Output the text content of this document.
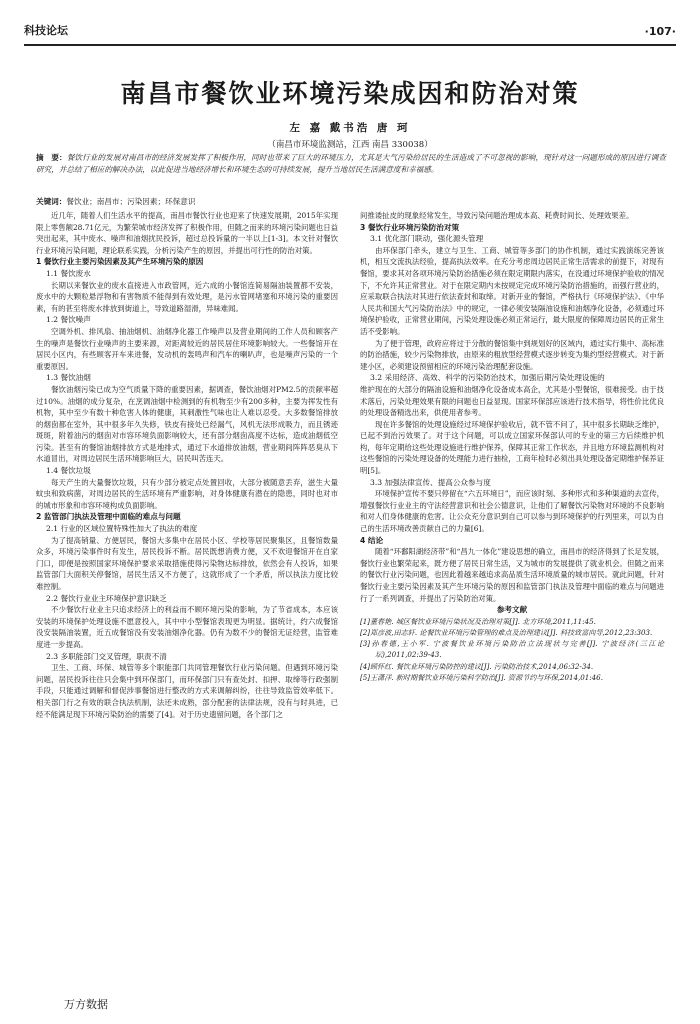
科技论坛	·107·
南昌市餐饮业环境污染成因和防治对策
左 嘉 戴书浩 唐 珂
（南昌市环境监测站，江西 南昌 330038）
摘　要：餐饮行业的发展对南昌市的经济发展发挥了积极作用，同时也带来了巨大的环境压力，尤其是大气污染给居民的生活造成了不可忽视的影响，现针对这一问题形成的原因进行调查研究，并总结了相应的解决办法，以此促进当地经济增长和环境生态的可持续发展，提升当地居民生活满意度和幸福感。
关键词：餐饮业；南昌市；污染因素；环保意识

近几年，随着人们生活水平的提高，南昌市餐饮行业也迎来了快速发展期，2015年实现限上零售额28.71亿元，为繁荣城市经济发挥了积极作用，但随之而来的环境污染问题也日益突出起来，其中废水、噪声和油烟扰民投诉，超过总投诉量的一半以上[1-3]。本文针对餐饮行业环境污染问题，理论联系实践，分析污染产生的原因，并提出可行性的防治对策。

1 餐饮行业主要污染因素及其产生环境污染的原因

1.1 餐饮废水

长期以来餐饮业的废水直接进入市政管网，近六成的小餐馆连简易隔油装置都不安装，废水中的大颗粒悬浮物和有害物质不能得到有效处理，是污水管网堵塞和环境污染的重要因素，有的甚至将废水排放到街道上，导致道路湿滑，异味难闻。

1.2 餐饮噪声

空调外机、排风扇、抽油烟机、油烟净化器工作噪声以及营业期间的工作人员和顾客产生的噪声是餐饮行业噪声的主要来源，对距离较近的居民居住环境影响较大。一些餐馆开在居民小区内，有些顾客开车来进餐，发动机的轰鸣声和汽车的喇叭声，也是噪声污染的一个重要原因。

1.3 餐饮油烟

餐饮油烟污染已成为空气质量下降的重要因素，据调查，餐饮油烟对PM2.5的贡献率超过10%。油烟的成分复杂，在烹调油烟中检测到的有机物至少有200多种，主要为挥发性有机物，其中至少有数十种危害人体的健康，其刺激性气味也让人难以忍受。大多数餐馆排放的烟囱都在室外，其中很多年久失修，铁皮有接处已经漏气，风机无法形成吸力，而且锈迹斑斑，附着油污的烟囱对市容环境负面影响较大，还有部分烟囱高度不达标，造成油烟低空污染。甚至有的餐馆油烟排放方式是地排式，通过下水道排放油烟，营业期间阵阵恶臭从下水道冒出，对周边居民生活环境影响巨大，居民叫苦连天。

1.4 餐饮垃圾

每天产生的大量餐饮垃圾，只有少部分被定点处置回收，大部分被随意丢弃，滋生大量蚊虫和致病菌，对周边居民的生活环境有严重影响，对身体健康有潜在的隐患，同时也对市的城市形象和市容环境构成负面影响。

2 监管部门执法及管理中面临的难点与问题

2.1 行业的区域位置特殊性加大了执法的难度

为了提高销量、方便居民，餐馆大多集中在居民小区、学校等居民聚集区，且餐馆数量众多，环境污染事件时有发生，居民投诉不断。居民既想消费方便，又不欢迎餐馆开在自家门口，即便是按照国家环境保护要求采取措施使得污染物达标排放，依然会有人投诉，如果监管部门大面积关停餐馆，居民生活又不方便了，这就形成了一个矛盾，所以执法力度比较难控制。

2.2 餐饮行业业主环境保护意识缺乏

不少餐饮行业业主只追求经济上的利益而不顾环境污染的影响，为了节省成本，本应该安装的环境保护处理设施不愿意投入，其中中小型餐馆表现更为明显。据统计，约六成餐馆没安装隔油装置，近五成餐馆没有安装油烟净化器。仍有为数不少的餐馆无证经营，监管难度进一步提高。

2.3 多职能部门交叉管理，职责不清

卫生、工商、环保、城管等多个职能部门共同管理餐饮行业污染问题。但遇到环境污染问题，居民投诉往往只会集中到环保部门，而环保部门只有查处封、扣押、取缔等行政强制手段，只能通过调解和督促涉事餐馆进行整改的方式来调解纠纷，往往导致监管效率低下。相关部门行之有效的联合执法机制，法还未成熟，部分配套的法律法规，没有与时具进，已经不能满足现下环境污染防治的需要了[4]。对于历史遗留问题，各个部门之

间推诿扯皮的现象经常发生，导致污染问题治理成本高、耗费时间长、处理效果差。

3 餐饮行业环境污染防治对策

3.1 优化部门联动，强化源头管理

由环保部门牵头，建立与卫生、工商、城管等多部门的协作机制，通过实践演练完善该机，相互交流执法经验，提高执法效率。在充分考虑周边居民正常生活需求的前提下，对现有餐馆，要求其对各项环境污染防治措施必须在限定期限内落实，在没通过环境保护验收的情况下，不允许其正常营业。对于在限定期内未按规定完成环境污染防治措施的，而强行营业的，应采取联合执法对其进行依法查封和取缔。对新开业的餐馆，严格执行《环境保护法》、《中华人民共和国大气污染防治法》中的规定，一律必须安装隔油设施和油烟净化设备，必须通过环境保护验收，正常营业期间，污染处理设施必须正常运行，最大限度的保障周边居民的正常生活不受影响。

为了便于管理，政府应将过于分散的餐馆集中到规划好的区域内，通过实行集中、高标准的防治措施，较少污染物排放，由原来的粗放型经营模式逐步转变为集约型经营模式。对于新建小区，必须建设预留相应的环境污染治理配套设施。

3.2 采用经济、高效、科学的污染防治技术，加强后期污染处理设施的

维护现在的大部分的隔油设施和油烟净化设备成本高企，尤其是小型餐馆，很难接受。由于技术落后，污染处理效果有限的问题也日益显现。国家环保部应该进行技术指导，将性价比优良的处理设备精选出来，供使用者参考。

现在许多餐馆的处理设施经过环境保护验收后，就不管不问了，其中很多长期缺乏维护，已起不到治污效果了。对于这个问题，可以成立国家环保部认可的专业的第三方后续维护机构，每年定期给这些处理设施进行维护保养，保障其正常工作状态，并且地方环境监测机构对这些餐馆的污染处理设备的处理能力进行抽检，工商年检时必须出具处理设备定期维护保养证明[5]。

3.3 加强法律宣传、提高公众参与度

环境保护宣传不要只停留在“六五环境日”，而应该时刻、多种形式和多种渠道的去宣传，增强餐饮行业业主的守法经营意识和社会公德意识，让他们了解餐饮污染物对环境的不良影响和对人们身体健康的危害。让公众充分意识到自己可以参与到环境保护的行列里来，可以为自己的生活环境改善贡献自己的力量[6]。

4 结论

随着“环鄱阳湖经济带”和“昌九一体化”建设思想的确立，南昌市的经济得到了长足发展，餐饮行业也繁荣起来，既方便了居民日常生活，又为城市的发展提供了就业机会。但随之而来的餐饮行业污染问题，也因此着越来越追求高品质生活环境质量的城市居民。就此问题，针对餐饮行业主要污染因素及其产生环境污染的原因和监管部门执法及管理中面临的难点与问题进行了一系列调查，并提出了污染防治对策。

参考文献

[1]董春艳. 城区餐饮业环境污染状况及治理对策[J]. 北方环境,2011,11:45.

[2]郑彦波,田志轩. 论餐饮业环境污染管理的难点及治理建议[J]. 科技致富向导,2012,23:303.

[3]孙春德,王小军. 宁波餐饮业环境污染防治立法现状与完善[J]. 宁波经济(三江论坛),2011,02:39-43.

[4]顾怀红. 餐饮业环境污染防控的建议[J]. 污染防治技术,2014,06:32-34.

[5]王潇洋. 新时期餐饮业环境污染科学防治[J]. 资源节约与环保,2014,01:46.

万方数据
